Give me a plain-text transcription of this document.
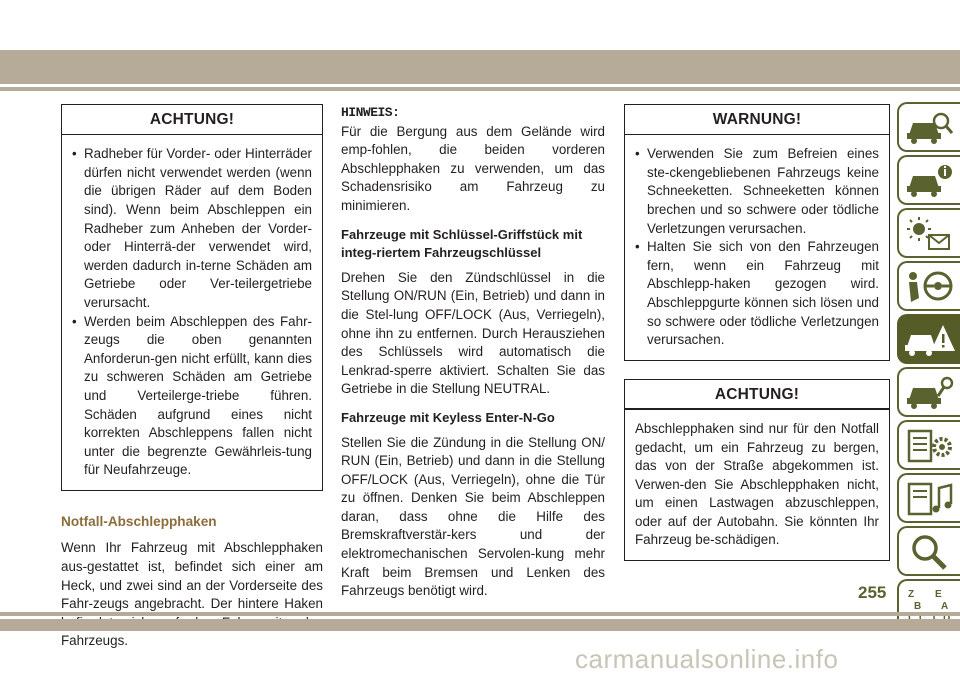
ACHTUNG!
• Radheber für Vorder- oder Hinterräder dürfen nicht verwendet werden (wenn die übrigen Räder auf dem Boden sind). Wenn beim Abschleppen ein Radheber zum Anheben der Vorder- oder Hinterrä-der verwendet wird, werden dadurch in-terne Schäden am Getriebe oder Ver-teilergetriebe verursacht.
• Werden beim Abschleppen des Fahr-zeugs die oben genannten Anforderun-gen nicht erfüllt, kann dies zu schweren Schäden am Getriebe und Verteilerge-triebe führen. Schäden aufgrund eines nicht korrekten Abschleppens fallen nicht unter die begrenzte Gewährleis-tung für Neufahrzeuge.
Notfall-Abschlepphaken

Wenn Ihr Fahrzeug mit Abschlepphaken aus-gestattet ist, befindet sich einer am Heck, und zwei sind an der Vorderseite des Fahr-zeugs angebracht. Der hintere Haken Fahrzeugs.

HINWEIS:

Für die Bergung aus dem Gelände wird emp-fohlen, die beiden vorderen Abschlepphaken zu verwenden, um das Schadensrisiko am Fahrzeug zu minimieren.

Fahrzeuge mit Schlüssel-Griffstück mit integ-riertem Fahrzeugschlüssel

Drehen Sie den Zündschlüssel in die Stellung ON/RUN (Ein, Betrieb) und dann in die Stel-lung OFF/LOCK (Aus, Verriegeln), ohne ihn zu entfernen. Durch Herausziehen des Schlüssels wird automatisch die Lenkrad-sperre aktiviert. Schalten Sie das Getriebe in die Stellung NEUTRAL.

Fahrzeuge mit Keyless Enter-N-Go

Stellen Sie die Zündung in die Stellung ON/ RUN (Ein, Betrieb) und dann in die Stellung OFF/LOCK (Aus, Verriegeln), ohne die Tür zu öffnen. Denken Sie beim Abschleppen daran, dass ohne die Hilfe des Bremskraftverstär-kers und der elektromechanischen Servolen-kung mehr Kraft beim Bremsen und Lenken des Fahrzeugs benötigt wird.

WARNUNG!
• Verwenden Sie zum Befreien eines ste-ckengebliebenen Fahrzeugs keine Schneeketten. Schneeketten können brechen und so schwere oder tödliche Verletzungen verursachen.
• Halten Sie sich von den Fahrzeugen fern, wenn ein Fahrzeug mit Abschlepp-haken gezogen wird. Abschleppgurte können sich lösen und so schwere oder tödliche Verletzungen verursachen.
ACHTUNG!

Abschlepphaken sind nur für den Notfall gedacht, um ein Fahrzeug zu bergen, das von der Straße abgekommen ist. Verwen-den Sie Abschlepphaken nicht, um einen Lastwagen abzuschleppen, oder auf der Autobahn. Sie könnten Ihr Fahrzeug be-schädigen.

Z E
B A
255
carmanualsonline.info
